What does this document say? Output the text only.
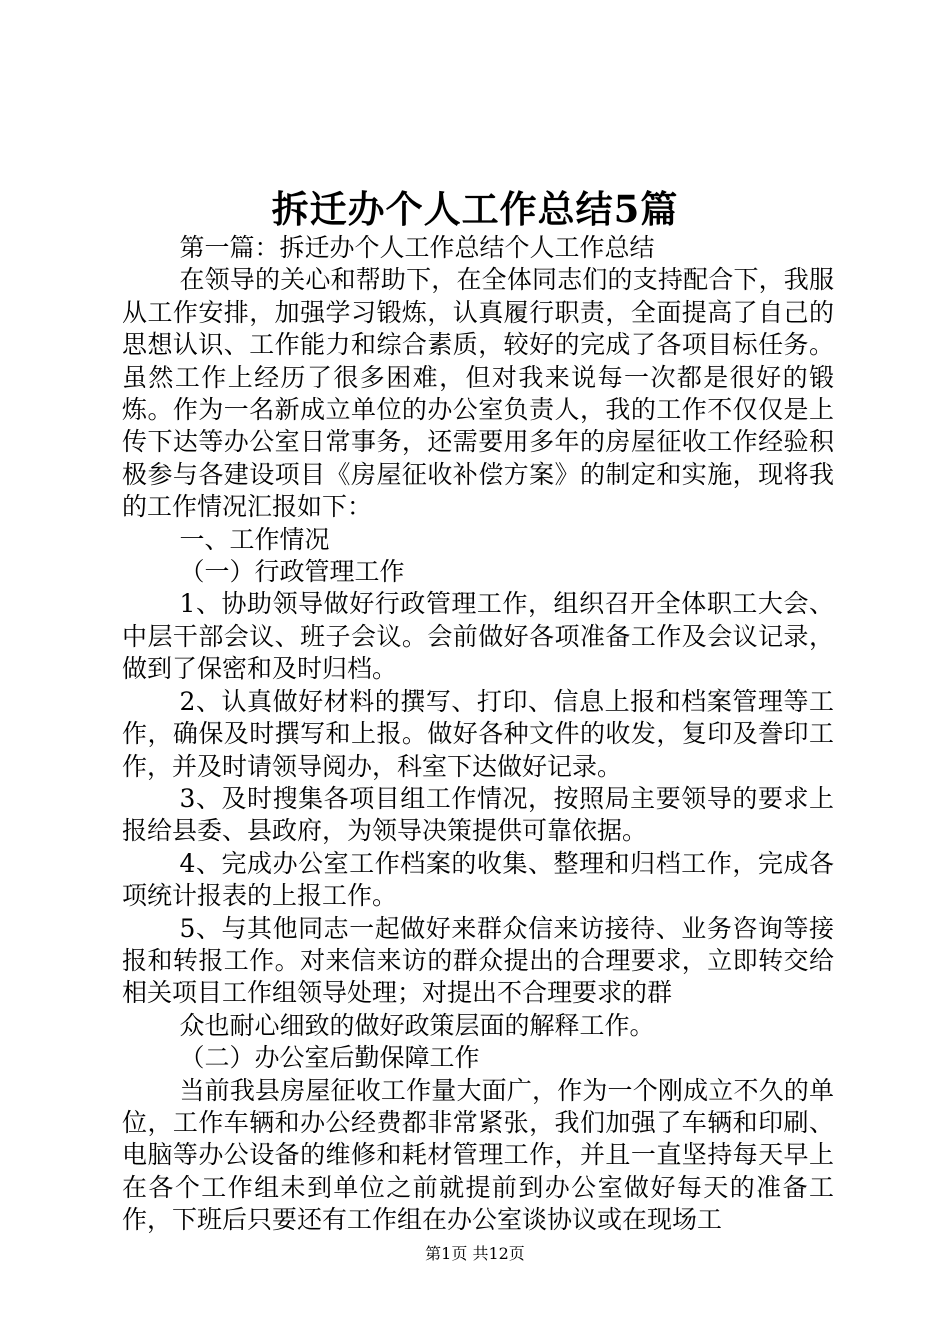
拆迁办个人工作总结5篇

第一篇：拆迁办个人工作总结个人工作总结

在领导的关心和帮助下，在全体同志们的支持配合下，我服从工作安排，加强学习锻炼，认真履行职责，全面提高了自己的思想认识、工作能力和综合素质，较好的完成了各项目标任务。虽然工作上经历了很多困难，但对我来说每一次都是很好的锻炼。作为一名新成立单位的办公室负责人，我的工作不仅仅是上传下达等办公室日常事务，还需要用多年的房屋征收工作经验积极参与各建设项目《房屋征收补偿方案》的制定和实施，现将我的工作情况汇报如下：

一、工作情况

（一）行政管理工作

1、协助领导做好行政管理工作，组织召开全体职工大会、中层干部会议、班子会议。会前做好各项准备工作及会议记录，做到了保密和及时归档。

2、认真做好材料的撰写、打印、信息上报和档案管理等工作，确保及时撰写和上报。做好各种文件的收发，复印及誊印工作，并及时请领导阅办，科室下达做好记录。

3、及时搜集各项目组工作情况，按照局主要领导的要求上报给县委、县政府，为领导决策提供可靠依据。

4、完成办公室工作档案的收集、整理和归档工作，完成各项统计报表的上报工作。

5、与其他同志一起做好来群众信来访接待、业务咨询等接报和转报工作。对来信来访的群众提出的合理要求，立即转交给相关项目工作组领导处理；对提出不合理要求的群

众也耐心细致的做好政策层面的解释工作。

（二）办公室后勤保障工作

当前我县房屋征收工作量大面广，作为一个刚成立不久的单位，工作车辆和办公经费都非常紧张，我们加强了车辆和印刷、电脑等办公设备的维修和耗材管理工作，并且一直坚持每天早上在各个工作组未到单位之前就提前到办公室做好每天的准备工作，下班后只要还有工作组在办公室谈协议或在现场工

第1页 共12页
